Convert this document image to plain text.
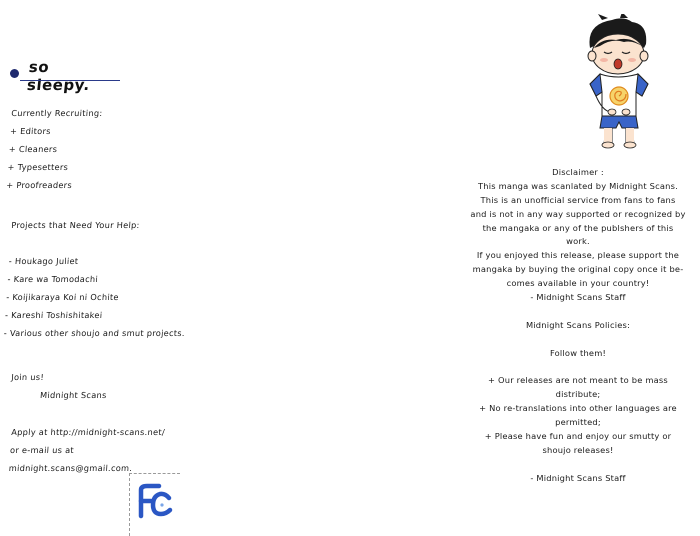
so sleepy.
Currently Recruiting:
+ Editors
+ Cleaners
+ Typesetters
+ Proofreaders
Projects that Need Your Help:
- Houkago Juliet
- Kare wa Tomodachi
- Koijikaraya Koi ni Ochite
- Kareshi Toshishitakei
- Various other shoujo and smut projects.
Join us!
Midnight Scans
Apply at http://midnight-scans.net/
or e-mail us at
midnight.scans@gmail.com.
Disclaimer :
This manga was scanlated by Midnight Scans.
This is an unofficial service from fans to fans
and is not in any way supported or recognized by
the mangaka or any of the publshers of this
work.
If you enjoyed this release, please support the
mangaka by buying the original copy once it be-
comes available in your country!
- Midnight Scans Staff
Midnight Scans Policies:
Follow them!
+ Our releases are not meant to be mass
distribute;
+ No re-translations into other languages are
permitted;
+ Please have fun and enjoy our smutty or
shoujo releases!
- Midnight Scans Staff
